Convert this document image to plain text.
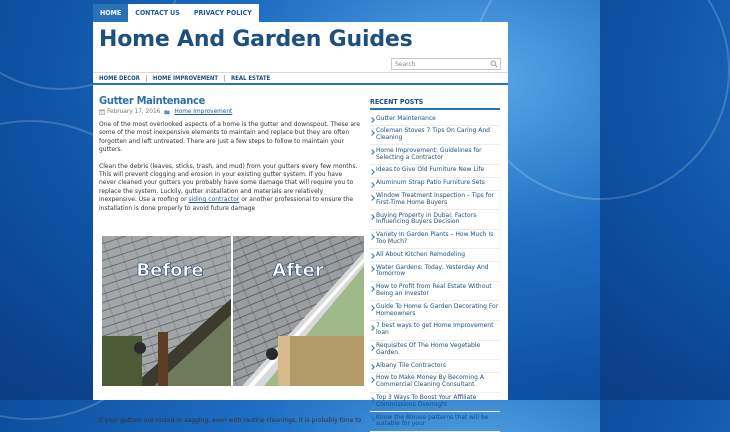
HOME	CONTACT US	PRIVACY POLICY
Home And Garden Guides
Search
HOME DECOR	HOME IMPROVEMENT	REAL ESTATE
Gutter Maintenance
February 17, 2016 Home Improvement

One of the most overlooked aspects of a home is the gutter and downspout. These are some of the most inexpensive elements to maintain and replace but they are often forgotten and left untreated. There are just a few steps to follow to maintain your gutters.

Clean the debris (leaves, sticks, trash, and mud) from your gutters every few months. This will prevent clogging and erosion in your existing gutter system. If you have never cleaned your gutters you probably have some damage that will require you to replace the system. Luckily, gutter installation and materials are relatively inexpensive. Use a roofing or siding contractor or another professional to ensure the installation is done properly to avoid future damage

Before	After
If your gutters are rusted or sagging, even with routine cleanings, it is probably time to
RECENT POSTS
Gutter Maintenance
Coleman Stoves 7 Tips On Caring And Cleaning
Home Improvement: Guidelines for Selecting a Contractor
Ideas to Give Old Furniture New Life
Aluminum Strap Patio Furniture Sets
Window Treatment Inspection – Tips for First-Time Home Buyers
Buying Property in Dubai: Factors Influencing Buyers Decision
Variety In Garden Plants – How Much Is Too Much?
All About Kitchen Remodeling
Water Gardens: Today, Yesterday And Tomorrow
How to Profit from Real Estate Without Being an Investor
Guide To Home & Garden Decorating For Homeowners
7 best ways to get Home Improvement loan
Requisites Of The Home Vegetable Garden.
Albany Tile Contractors
How to Make Money By Becoming A Commercial Cleaning Consultant
Top 3 Ways To Boost Your Affiliate Commissions Overnight
Know the Blouse patterns that will be suitable for your
